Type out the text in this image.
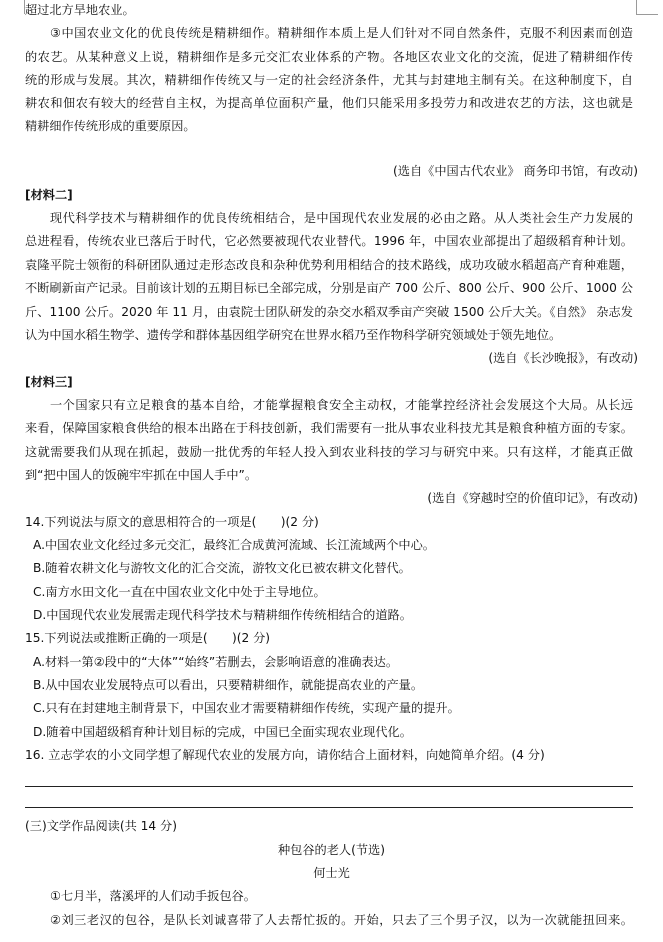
超过北方旱地农业。
③中国农业文化的优良传统是精耕细作。精耕细作本质上是人们针对不同自然条件，克服不利因素而创造
的农艺。从某种意义上说，精耕细作是多元交汇农业体系的产物。各地区农业文化的交流，促进了精耕细作传
统的形成与发展。其次，精耕细作传统又与一定的社会经济条件，尤其与封建地主制有关。在这种制度下，自
耕农和佃农有较大的经营自主权，为提高单位面积产量，他们只能采用多投劳力和改进农艺的方法，这也就是
精耕细作传统形成的重要原因。
(选自《中国古代农业》 商务印书馆，有改动)
[材料二]
现代科学技术与精耕细作的优良传统相结合，是中国现代农业发展的必由之路。从人类社会生产力发展的
总进程看，传统农业已落后于时代，它必然要被现代农业替代。1996 年，中国农业部提出了超级稻育种计划。
袁隆平院士领衔的科研团队通过走形态改良和杂种优势利用相结合的技术路线，成功攻破水稻超高产育种难题，
不断刷新亩产记录。目前该计划的五期目标已全部完成，分别是亩产 700 公斤、800 公斤、900 公斤、1000 公
斤、1100 公斤。2020 年 11 月，由袁院士团队研发的杂交水稻双季亩产突破 1500 公斤大关。《自然》 杂志发
认为中国水稻生物学、遗传学和群体基因组学研究在世界水稻乃至作物科学研究领域处于领先地位。
(选自《长沙晚报》，有改动)
[材料三]
一个国家只有立足粮食的基本自给，才能掌握粮食安全主动权，才能掌控经济社会发展这个大局。从长远
来看，保障国家粮食供给的根本出路在于科技创新，我们需要有一批从事农业科技尤其是粮食种植方面的专家。
这就需要我们从现在抓起，鼓励一批优秀的年轻人投入到农业科技的学习与研究中来。只有这样，才能真正做
到“把中国人的饭碗牢牢抓在中国人手中”。
(选自《穿越时空的价值印记》，有改动)
14.下列说法与原文的意思相符合的一项是(　　)(2 分)
A.中国农业文化经过多元交汇，最终汇合成黄河流域、长江流域两个中心。
B.随着农耕文化与游牧文化的汇合交流，游牧文化已被农耕文化替代。
C.南方水田文化一直在中国农业文化中处于主导地位。
D.中国现代农业发展需走现代科学技术与精耕细作传统相结合的道路。
15.下列说法或推断正确的一项是(　　)(2 分)
A.材料一第②段中的“大体”“始终”若删去，会影响语意的准确表达。
B.从中国农业发展特点可以看出，只要精耕细作，就能提高农业的产量。
C.只有在封建地主制背景下，中国农业才需要精耕细作传统，实现产量的提升。
D.随着中国超级稻育种计划目标的完成，中国已全面实现农业现代化。
16. 立志学农的小文同学想了解现代农业的发展方向，请你结合上面材料，向她简单介绍。(4 分)
(三)文学作品阅读(共 14 分)
种包谷的老人(节选)
何士光
①七月半，落溪坪的人们动手扳包谷。
②刘三老汉的包谷，是队长刘诚喜带了人去帮忙扳的。开始，只去了三个男子汉，以为一次就能扭回来。
